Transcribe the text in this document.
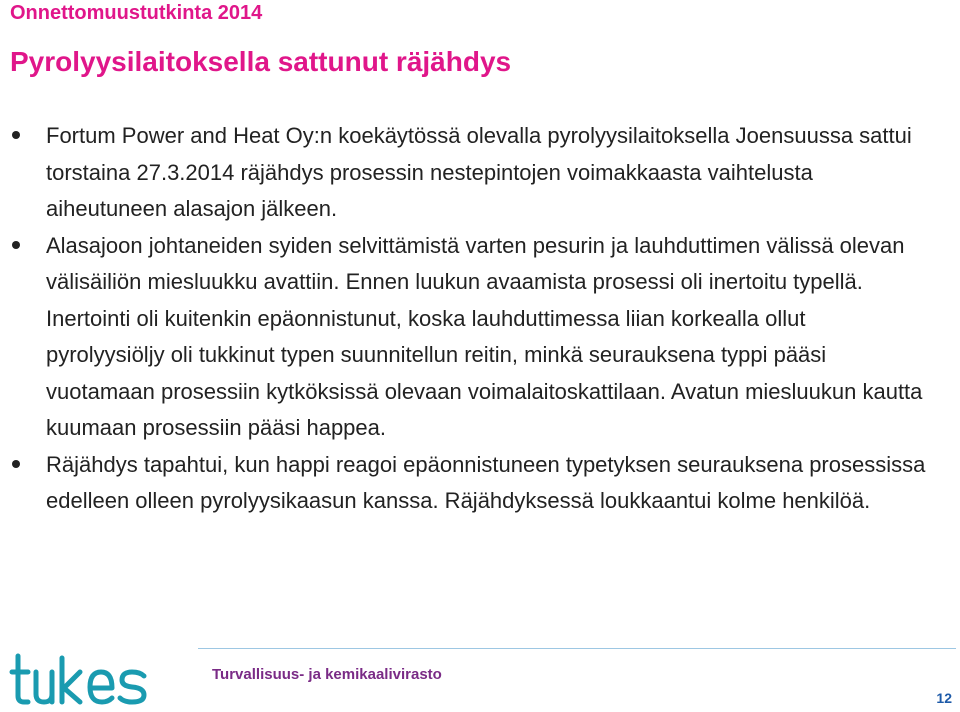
Onnettomuustutkinta 2014
Pyrolyysilaitoksella sattunut räjähdys
Fortum Power and Heat Oy:n koekäytössä olevalla pyrolyysilaitoksella Joensuussa sattui torstaina 27.3.2014 räjähdys prosessin nestepintojen voimakkaasta vaihtelusta aiheutuneen alasajon jälkeen.
Alasajoon johtaneiden syiden selvittämistä varten pesurin ja lauhduttimen välissä olevan välisäiliön miesluukku avattiin. Ennen luukun avaamista prosessi oli inertoitu typellä. Inertointi oli kuitenkin epäonnistunut, koska lauhduttimessa liian korkealla ollut pyrolyysiöljy oli tukkinut typen suunnitellun reitin, minkä seurauksena typpi pääsi vuotamaan prosessiin kytköksissä olevaan voimalaitoskattilaan. Avatun miesluukun kautta kuumaan prosessiin pääsi happea.
Räjähdys tapahtui, kun happi reagoi epäonnistuneen typetyksen seurauksena prosessissa edelleen olleen pyrolyysikaasun kanssa. Räjähdyksessä loukkaantui kolme henkilöä.
Turvallisuus- ja kemikaalivirasto
12
